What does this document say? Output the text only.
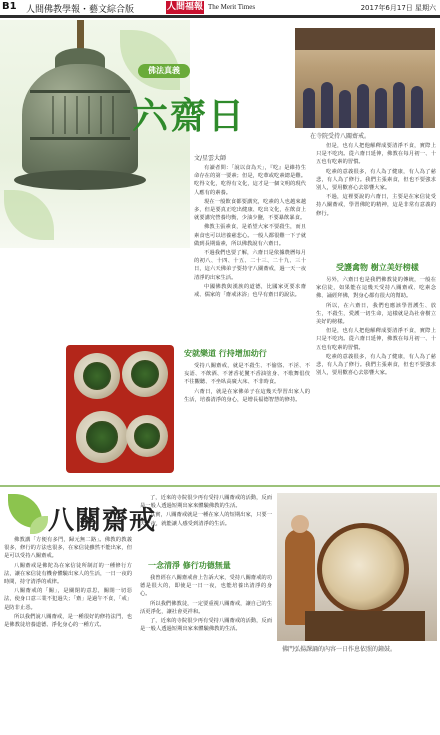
B1 人間佛教學報・藝文綜合版	人間福報 The Merit Times	2017年6月17日 星期六
佛法真義
六齋日	在寺院受持八關齋戒。
文/星雲大師

有讀者問：「說以食為天」，『吃』是維持生命存在的第一要素；但是，吃葷或吃素總是難。吃得文化，吃得有文化，這才是一個文明的現代人應有的素養。

現在一般飲食都要講究，吃素的人也越來越多，但是要真正吃出健康、吃出文化，在飲食上就要講究營養均衡，少油少鹽，不要暴飲暴食。

佛教主張素食，是希望大家不要殺生，而且素食也可以培養慈悲心。一般人都很難一下子就做到長期茹素，所以佛教說有六齋日。

不過我們也要了解，六齋日是依據農曆每月的初八、十四、十五、二十三、二十九、三十日，這六天佛弟子要持守八關齋戒，過一天一夜清淨的出家生活。

中國佛教與漢族的道德，比國家更要求齋戒、儒家的「齋戒沐浴」也早有齋日的說法。

但是，也有人把他解釋成要清淨不食，實際上只是不吃肉。從六齋日延伸，佛教在每月初一、十五也有吃素的習慣。

吃素的意義很多，有人為了健康，有人為了慈悲，有人為了修行。我們主張素食，但也不要強求別人，要用歡喜心去影響大家。

不過，這裡要說的六齋日，主要是在家信徒受持八關齋戒，學習佛陀的精神，這是非常有意義的修行。

受護禽物 樹立美好榜樣

另外，六齋日也是我們佛教徒的傳統，一般在家信徒，如果能在這幾天受持八關齋戒、吃素念佛、誦經拜佛，對身心都有很大的幫助。

所以，在六齋日，我們也應該學習護生、放生，不殺生，愛護一切生命，這樣就是為社會樹立美好的榜樣。

但是，也有人把他解釋成要清淨不食，實際上只是不吃肉。從六齋日延伸，佛教在每月初一、十五也有吃素的習慣。

吃素的意義很多，有人為了健康，有人為了慈悲，有人為了修行。我們主張素食，但也不要強求別人，要用歡喜心去影響大家。

安就樂道 行持增加幼行

受持八關齋戒，就是不殺生、不偷盜、不淫、不妄語、不飲酒、不著香花鬘不香油塗身、不歌舞倡伎不往觀聽、不坐臥高廣大床、不非時食。

六齋日，就是在家佛弟子在這幾天學習出家人的生活，培養清淨的身心，是增長福德智慧的修持。

八關齋戒

佛教講「方便有多門，歸元無二路」。佛教的教義很多，修行的方法也很多，在家信徒雖然不能出家，但是可以受持八關齋戒。

八關齋戒是佛陀為在家信徒所制訂的一種修行方法，讓在家信徒有機會體驗出家人的生活，一日一夜的時間，持守清淨的戒律。

八關齋戒的「關」，是關閉的意思，關閉一切惡法，使身口意三業不犯過失；「齋」是過午不食，「戒」是防非止惡。

所以我們說八關齋戒，是一種很好的修持法門，也是佛教徒培養道德、淨化身心的一種方式。

了，近來的寺院很少再有受持八關齋戒的活動，反而是一般人透過短期出家來體驗佛教的生活。

其實，八關齋戒就是一種在家人的短期出家，只要一天一夜，就能讓人感受到清淨的生活。

一念清淨 修行功德無量

我曾經在八關齋戒會上告訴大家，受持八關齋戒的功德是很大的，即使是一日一夜，也能培養出清淨的身心。

所以我們佛教徒，一定要重視八關齋戒，讓自己的生活更淨化，讓社會更祥和。

了，近來的寺院很少再有受持八關齋戒的活動，反而是一般人透過短期出家來體驗佛教的生活。

佛門弘揚課誦的內容一日作息依照的鐘鼓。
